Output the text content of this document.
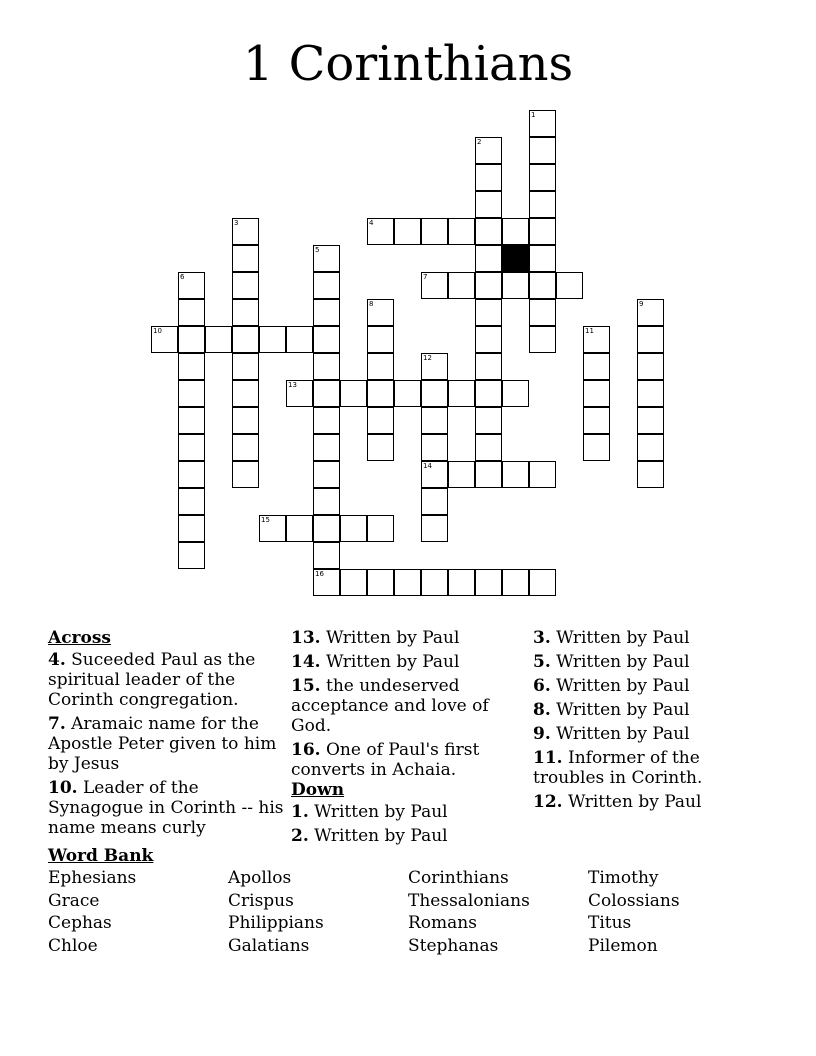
1 Corinthians
1
2
3	4
5
16
6	7
8	9
10	11
12
14
13
15
Across
4. Suceeded Paul as the spiritual leader of the Corinth congregation.
7. Aramaic name for the Apostle Peter given to him by Jesus
10. Leader of the Synagogue in Corinth -- his name means curly
13. Written by Paul
14. Written by Paul
15. the undeserved acceptance and love of God.
16. One of Paul's first converts in Achaia.
Down
1. Written by Paul
2. Written by Paul
3. Written by Paul
5. Written by Paul
6. Written by Paul
8. Written by Paul
9. Written by Paul
11. Informer of the troubles in Corinth.
12. Written by Paul
Word Bank
Ephesians	Apollos	Corinthians	Timothy
Grace	Crispus	Thessalonians	Colossians
Cephas	Philippians	Romans	Titus
Chloe	Galatians	Stephanas	Pilemon
